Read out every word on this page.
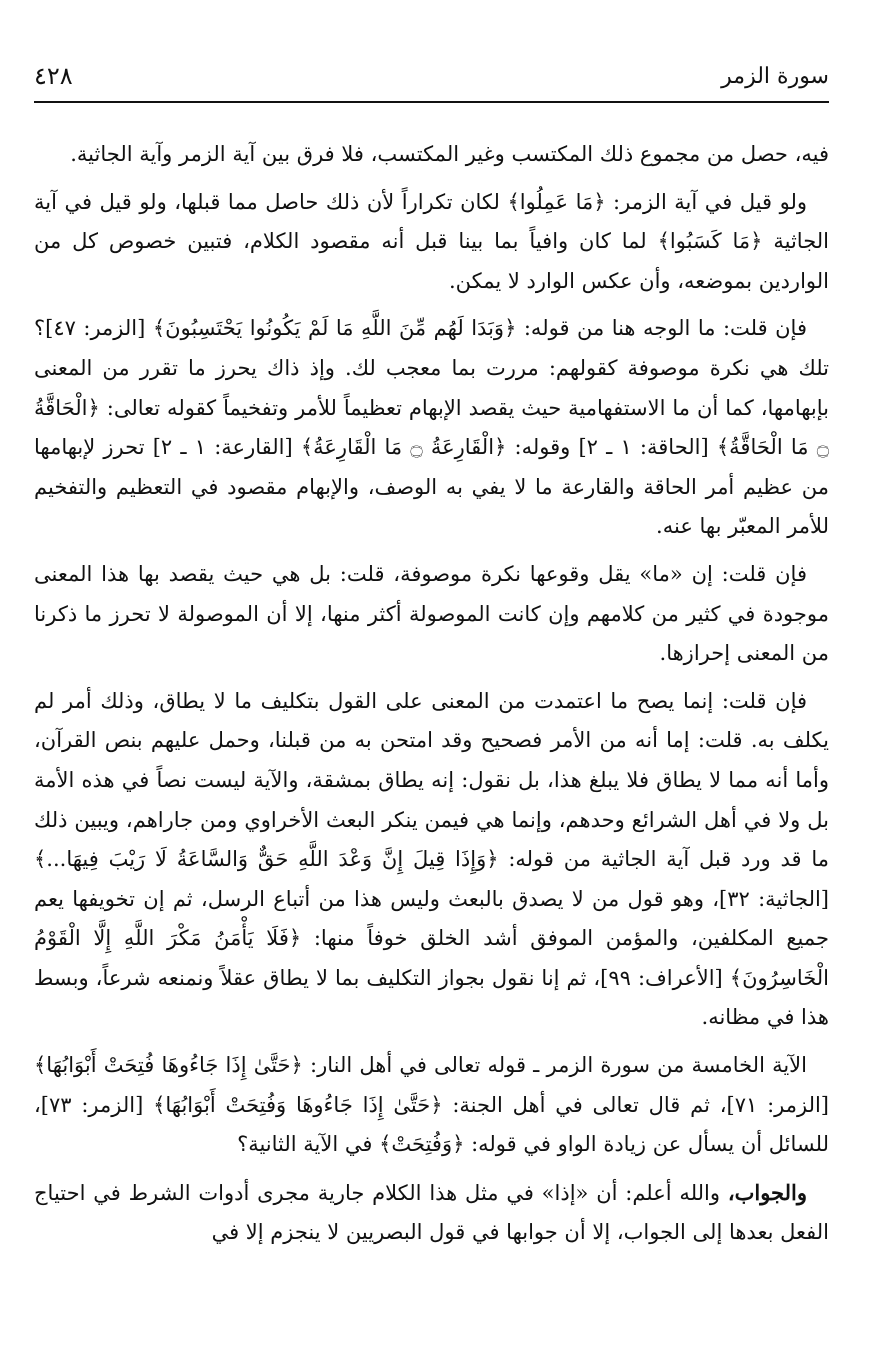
سورة الزمر
٤٢٨

فيه، حصل من مجموع ذلك المكتسب وغير المكتسب، فلا فرق بين آية الزمر وآية الجاثية.

ولو قيل في آية الزمر: ﴿مَا عَمِلُوا﴾ لكان تكراراً لأن ذلك حاصل مما قبلها، ولو قيل في آية الجاثية ﴿مَا كَسَبُوا﴾ لما كان وافياً بما بينا قبل أنه مقصود الكلام، فتبين خصوص كل من الواردين بموضعه، وأن عكس الوارد لا يمكن.

فإن قلت: ما الوجه هنا من قوله: ﴿وَبَدَا لَهُم مِّنَ اللَّهِ مَا لَمْ يَكُونُوا يَحْتَسِبُونَ﴾ [الزمر: ٤٧]؟ تلك هي نكرة موصوفة كقولهم: مررت بما معجب لك. وإذ ذاك يحرز ما تقرر من المعنى بإبهامها، كما أن ما الاستفهامية حيث يقصد الإبهام تعظيماً للأمر وتفخيماً كقوله تعالى: ﴿الْحَاقَّةُ ۝ مَا الْحَاقَّةُ﴾ [الحاقة: ١ ـ ٢] وقوله: ﴿الْقَارِعَةُ ۝ مَا الْقَارِعَةُ﴾ [القارعة: ١ ـ ٢] تحرز لإبهامها من عظيم أمر الحاقة والقارعة ما لا يفي به الوصف، والإبهام مقصود في التعظيم والتفخيم للأمر المعبّر بها عنه.

فإن قلت: إن «ما» يقل وقوعها نكرة موصوفة، قلت: بل هي حيث يقصد بها هذا المعنى موجودة في كثير من كلامهم وإن كانت الموصولة أكثر منها، إلا أن الموصولة لا تحرز ما ذكرنا من المعنى إحرازها.

فإن قلت: إنما يصح ما اعتمدت من المعنى على القول بتكليف ما لا يطاق، وذلك أمر لم يكلف به. قلت: إما أنه من الأمر فصحيح وقد امتحن به من قبلنا، وحمل عليهم بنص القرآن، وأما أنه مما لا يطاق فلا يبلغ هذا، بل نقول: إنه يطاق بمشقة، والآية ليست نصاً في هذه الأمة بل ولا في أهل الشرائع وحدهم، وإنما هي فيمن ينكر البعث الأخراوي ومن جاراهم، ويبين ذلك ما قد ورد قبل آية الجاثية من قوله: ﴿وَإِذَا قِيلَ إِنَّ وَعْدَ اللَّهِ حَقٌّ وَالسَّاعَةُ لَا رَيْبَ فِيهَا...﴾ [الجاثية: ٣٢]، وهو قول من لا يصدق بالبعث وليس هذا من أتباع الرسل، ثم إن تخويفها يعم جميع المكلفين، والمؤمن الموفق أشد الخلق خوفاً منها: ﴿فَلَا يَأْمَنُ مَكْرَ اللَّهِ إِلَّا الْقَوْمُ الْخَاسِرُونَ﴾ [الأعراف: ٩٩]، ثم إنا نقول بجواز التكليف بما لا يطاق عقلاً ونمنعه شرعاً، وبسط هذا في مظانه.

الآية الخامسة من سورة الزمر ـ قوله تعالى في أهل النار: ﴿حَتَّىٰ إِذَا جَاءُوهَا فُتِحَتْ أَبْوَابُهَا﴾ [الزمر: ٧١]، ثم قال تعالى في أهل الجنة: ﴿حَتَّىٰ إِذَا جَاءُوهَا وَفُتِحَتْ أَبْوَابُهَا﴾ [الزمر: ٧٣]، للسائل أن يسأل عن زيادة الواو في قوله: ﴿وَفُتِحَتْ﴾ في الآية الثانية؟

والجواب، والله أعلم: أن «إذا» في مثل هذا الكلام جارية مجرى أدوات الشرط في احتياج الفعل بعدها إلى الجواب، إلا أن جوابها في قول البصريين لا ينجزم إلا في
